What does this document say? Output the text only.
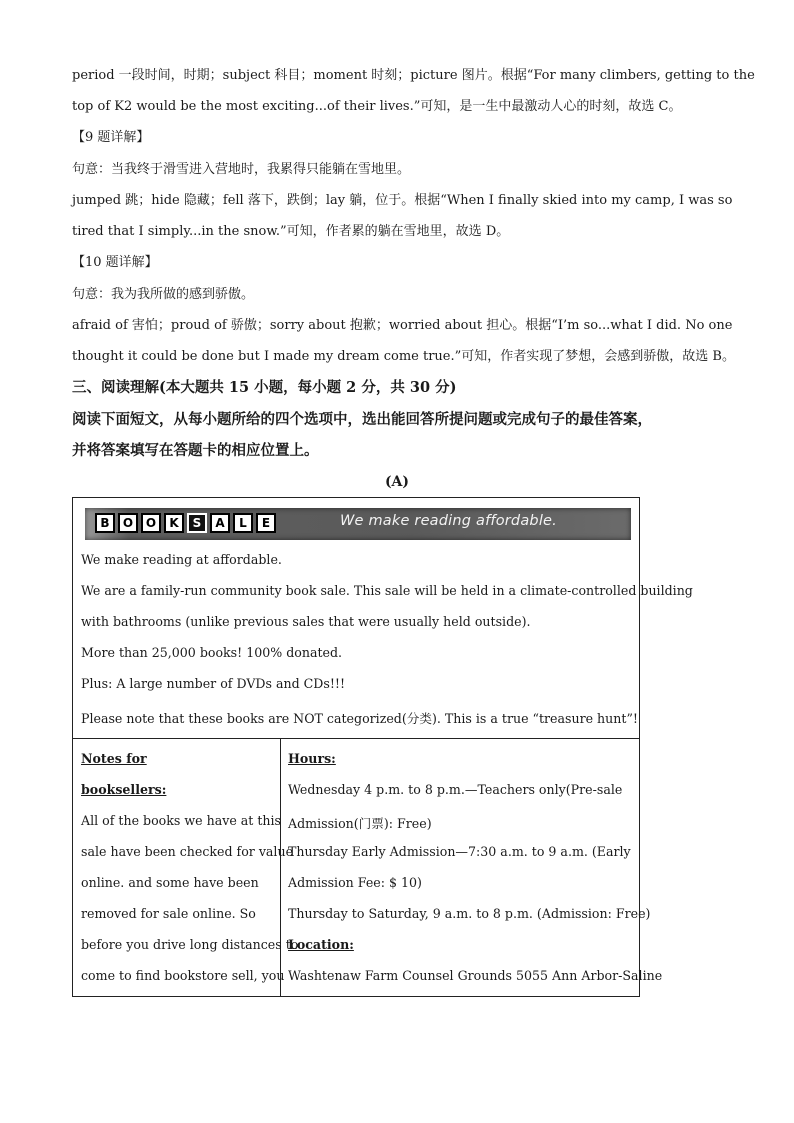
period 一段时间，时期；subject 科目；moment 时刻；picture 图片。根据“For many climbers, getting to the

top of K2 would be the most exciting...of their lives.”可知，是一生中最激动人心的时刻，故选 C。

【9 题详解】

句意：当我终于滑雪进入营地时，我累得只能躺在雪地里。

jumped 跳；hide 隐藏；fell 落下，跌倒；lay 躺，位于。根据“When I finally skied into my camp, I was so

tired that I simply...in the snow.”可知，作者累的躺在雪地里，故选 D。

【10 题详解】

句意：我为我所做的感到骄傲。

afraid of 害怕；proud of 骄傲；sorry about 抱歉；worried about 担心。根据“I’m so...what I did. No one

thought it could be done but I made my dream come true.”可知，作者实现了梦想，会感到骄傲，故选 B。

三、阅读理解(本大题共 15 小题，每小题 2 分，共 30 分)

阅读下面短文，从每小题所给的四个选项中，选出能回答所提问题或完成句子的最佳答案，

并将答案填写在答题卡的相应位置上。

(A)
B	O	O	K	S	A	L	E	We make reading affordable.
We make reading at affordable.
We are a family-run community book sale. This sale will be held in a climate-controlled building
with bathrooms (unlike previous sales that were usually held outside).
More than 25,000 books! 100% donated.
Plus: A large number of DVDs and CDs!!!
Please note that these books are NOT categorized(分类). This is a true “treasure hunt”!
Notes for
booksellers:
All of the books we have at this
sale have been checked for value
online. and some have been
removed for sale online. So
before you drive long distances to
come to find bookstore sell, you
Hours:
Wednesday 4 p.m. to 8 p.m.—Teachers only(Pre-sale
Admission(门票): Free)
Thursday Early Admission—7:30 a.m. to 9 a.m. (Early
Admission Fee: $ 10)
Thursday to Saturday, 9 a.m. to 8 p.m. (Admission: Free)
Location:
Washtenaw Farm Counsel Grounds 5055 Ann Arbor-Saline
